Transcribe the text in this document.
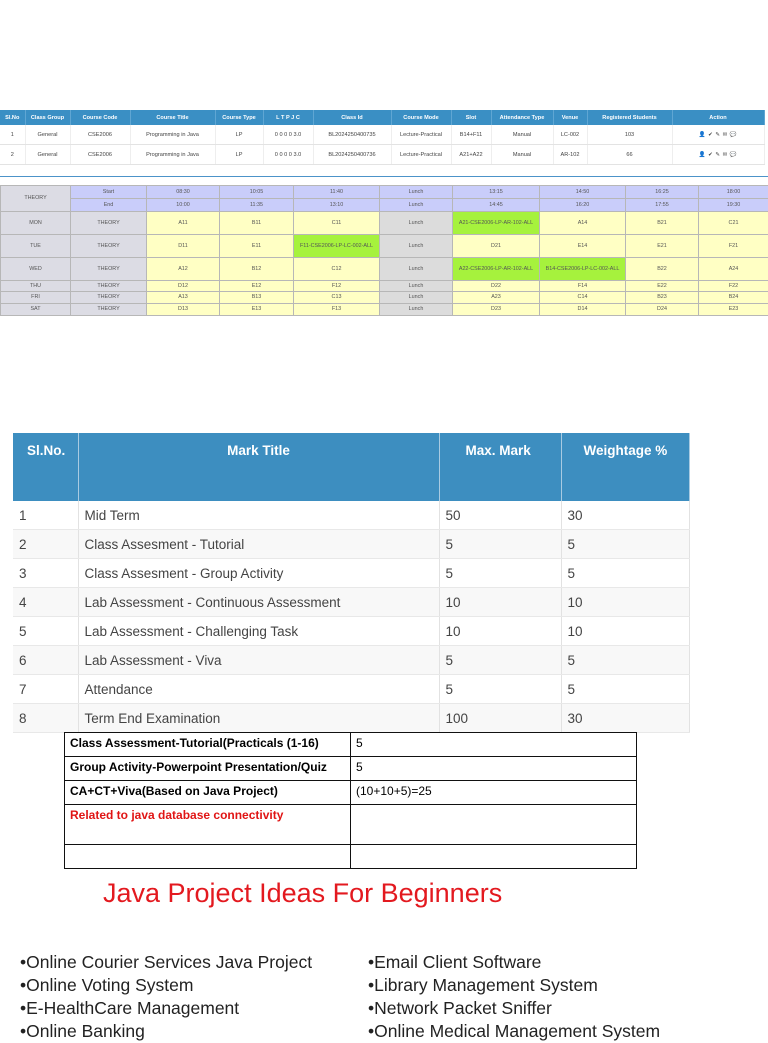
Sl.No	Class Group	Course Code	Course Title	Course Type	L T P J C	Class Id	Course Mode	Slot	Attendance Type	Venue	Registered Students	Action
1	General	CSE2006	Programming in Java	LP	0 0 0 0 3.0	BL2024250400735	Lecture-Practical	B14+F11	Manual	LC-002	103	👤 ✔ ✎ ✉ 💬
2	General	CSE2006	Programming in Java	LP	0 0 0 0 3.0	BL2024250400736	Lecture-Practical	A21+A22	Manual	AR-102	66	👤 ✔ ✎ ✉ 💬
THEORY	Start	08:30	10:05	11:40	Lunch	13:15	14:50	16:25	18:00
	End	10:00	11:35	13:10	Lunch	14:45	16:20	17:55	19:30
MON	THEORY	A11	B11	C11	Lunch	A21-CSE2006-LP-AR-102-ALL	A14	B21	C21
TUE	THEORY	D11	E11	F11-CSE2006-LP-LC-002-ALL	Lunch	D21	E14	E21	F21
WED	THEORY	A12	B12	C12	Lunch	A22-CSE2006-LP-AR-102-ALL	B14-CSE2006-LP-LC-002-ALL	B22	A24
THU	THEORY	D12	E12	F12	Lunch	D22	F14	E22	F22
FRI	THEORY	A13	B13	C13	Lunch	A23	C14	B23	B24
SAT	THEORY	D13	E13	F13	Lunch	D23	D14	D24	E23
Sl.No.	Mark Title	Max. Mark	Weightage %
1	Mid Term	50	30
2	Class Assesment - Tutorial	5	5
3	Class Assesment - Group Activity	5	5
4	Lab Assessment - Continuous Assessment	10	10
5	Lab Assessment - Challenging Task	10	10
6	Lab Assessment - Viva	5	5
7	Attendance	5	5
8	Term End Examination	100	30
Class Assessment-Tutorial(Practicals (1-16)	5
Group Activity-Powerpoint Presentation/Quiz	5
CA+CT+Viva(Based on Java Project)	(10+10+5)=25
Related to java database connectivity	

Java Project Ideas For Beginners
•Online Courier Services Java Project
•Online Voting System
•E-HealthCare Management
•Online Banking
•Email Client Software
•Library Management System
•Network Packet Sniffer
•Online Medical Management System
